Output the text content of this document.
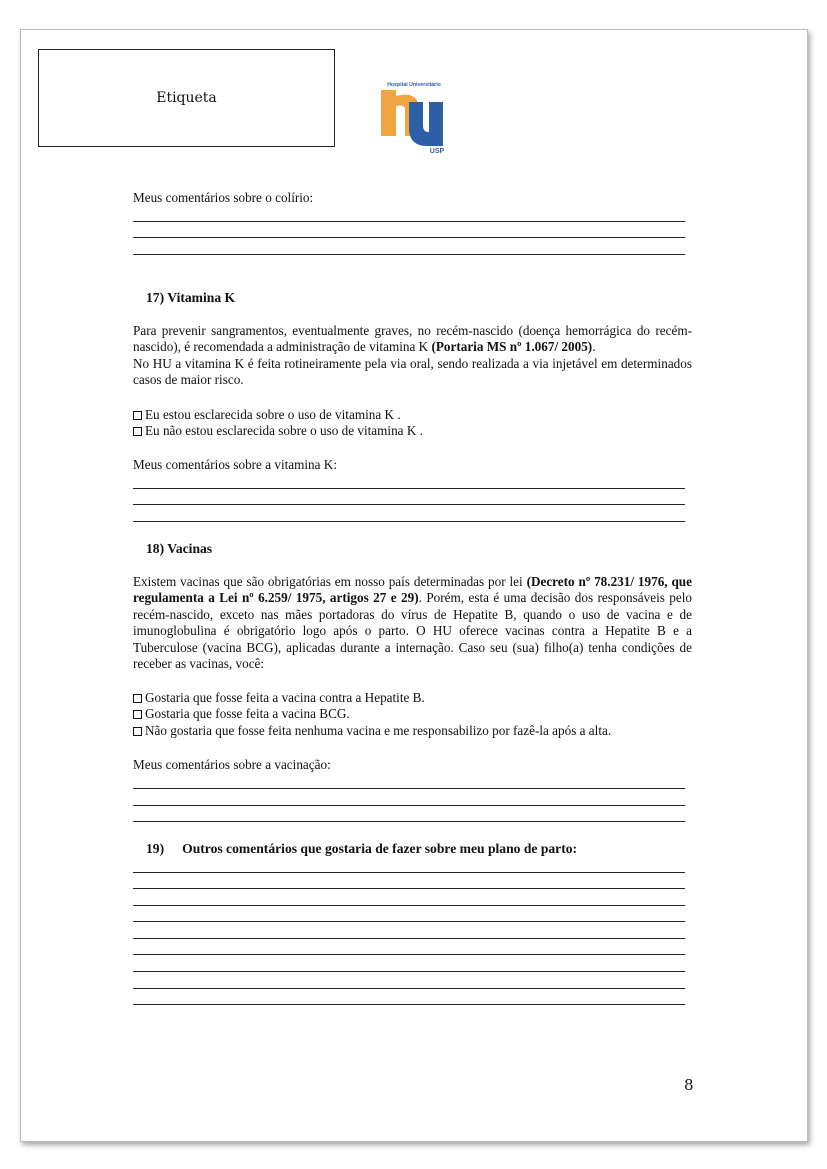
Etiqueta
Hospital Universitário
USP
Meus comentários sobre o colírio:
17) Vitamina K
Para prevenir sangramentos, eventualmente graves, no recém-nascido (doença hemorrágica do recém-nascido), é recomendada a administração de vitamina K (Portaria MS nº 1.067/ 2005).
No HU a vitamina K é feita rotineiramente pela via oral, sendo realizada a via injetável em determinados casos de maior risco.
Eu estou esclarecida sobre o uso de vitamina K .
Eu não estou esclarecida sobre o uso de vitamina K .
Meus comentários sobre a vitamina K:
18) Vacinas
Existem vacinas que são obrigatórias em nosso país determinadas por lei (Decreto nº 78.231/ 1976, que regulamenta a Lei nº 6.259/ 1975, artigos 27 e 29). Porém, esta é uma decisão dos responsáveis pelo recém-nascido, exceto nas mães portadoras do vírus de Hepatite B, quando o uso de vacina e de imunoglobulina é obrigatório logo após o parto. O HU oferece vacinas contra a Hepatite B e a Tuberculose (vacina BCG), aplicadas durante a internação. Caso seu (sua) filho(a) tenha condições de receber as vacinas, você:
Gostaria que fosse feita a vacina contra a Hepatite B.
Gostaria que fosse feita a vacina BCG.
Não gostaria que fosse feita nenhuma vacina e me responsabilizo por fazê-la após a alta.
Meus comentários sobre a vacinação:
19) Outros comentários que gostaria de fazer sobre meu plano de parto:
8
